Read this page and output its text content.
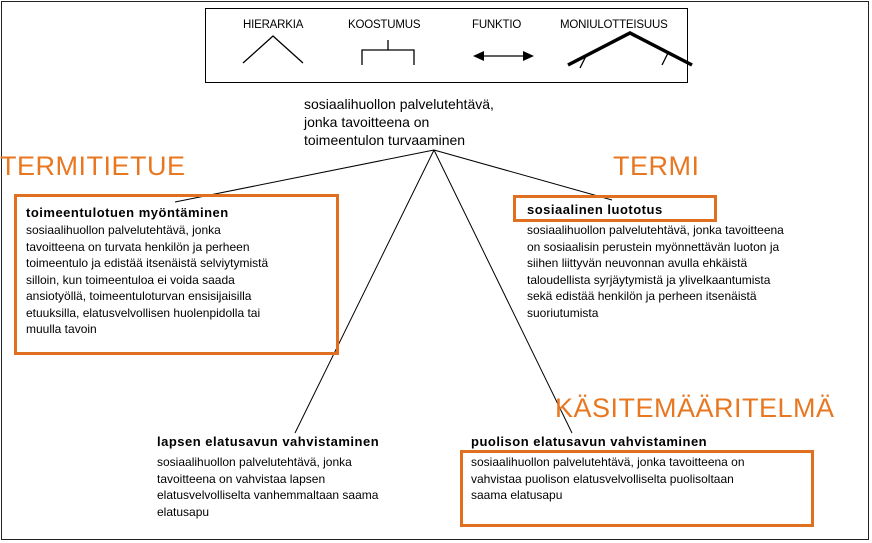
HIERARKIA	KOOSTUMUS	FUNKTIO	MONIULOTTEISUUS
sosiaalihuollon palvelutehtävä,
jonka tavoitteena on
toimeentulon turvaaminen
TERMITIETUE	TERMI
KÄSITEMÄÄRITELMÄ
toimeentulotuen myöntäminen
sosiaalihuollon palvelutehtävä, jonka
tavoitteena on turvata henkilön ja perheen
toimeentulo ja edistää itsenäistä selviytymistä
silloin, kun toimeentuloa ei voida saada
ansiotyöllä, toimeentuloturvan ensisijaisilla
etuuksilla, elatusvelvollisen huolenpidolla tai
muulla tavoin
sosiaalinen luototus
sosiaalihuollon palvelutehtävä, jonka tavoitteena
on sosiaalisin perustein myönnettävän luoton ja
siihen liittyvän neuvonnan avulla ehkäistä
taloudellista syrjäytymistä ja ylivelkaantumista
sekä edistää henkilön ja perheen itsenäistä
suoriutumista
lapsen elatusavun vahvistaminen
sosiaalihuollon palvelutehtävä, jonka
tavoitteena on vahvistaa lapsen
elatusvelvolliselta vanhemmaltaan saama
elatusapu
puolison elatusavun vahvistaminen
sosiaalihuollon palvelutehtävä, jonka tavoitteena on
vahvistaa puolison elatusvelvolliselta puolisoltaan
saama elatusapu
